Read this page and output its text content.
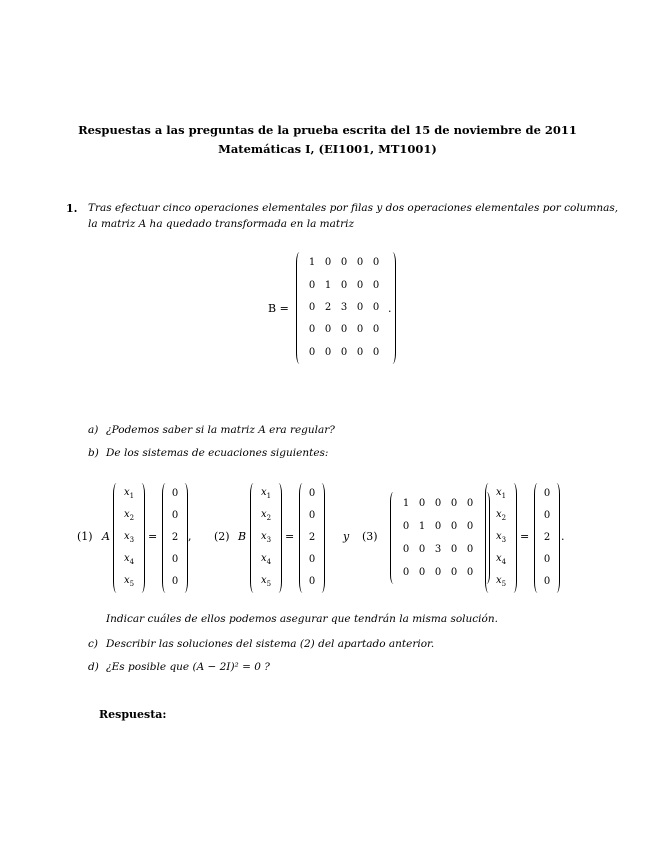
Respuestas a las preguntas de la prueba escrita del 15 de noviembre de 2011
Matemáticas I, (EI1001, MT1001)
1. Tras efectuar cinco operaciones elementales por filas y dos operaciones elementales por columnas,
la matriz A ha quedado transformada en la matriz
B =
1 0 0 0 0
0 1 0 0 0
0 2 3 0 0
0 0 0 0 0
0 0 0 0 0
.
a) ¿Podemos saber si la matriz A era regular?
b) De los sistemas de ecuaciones siguientes:
(1) A
$x_1$
$x_2$
$x_3$
$x_4$
$x_5$
=
0
0
2
0
0
, (2) B
$x_1$
$x_2$
$x_3$
$x_4$
$x_5$
=
0
0
2
0
0
y (3)
1 0 0 0 0
0 1 0 0 0
0 0 3 0 0
0 0 0 0 0
$x_1$
$x_2$
$x_3$
$x_4$
$x_5$
=
0
0
2
0
0
.
Indicar cuáles de ellos podemos asegurar que tendrán la misma solución.
c) Describir las soluciones del sistema (2) del apartado anterior.
d) ¿Es posible que (A − 2I)² = 0 ?
Respuesta:
